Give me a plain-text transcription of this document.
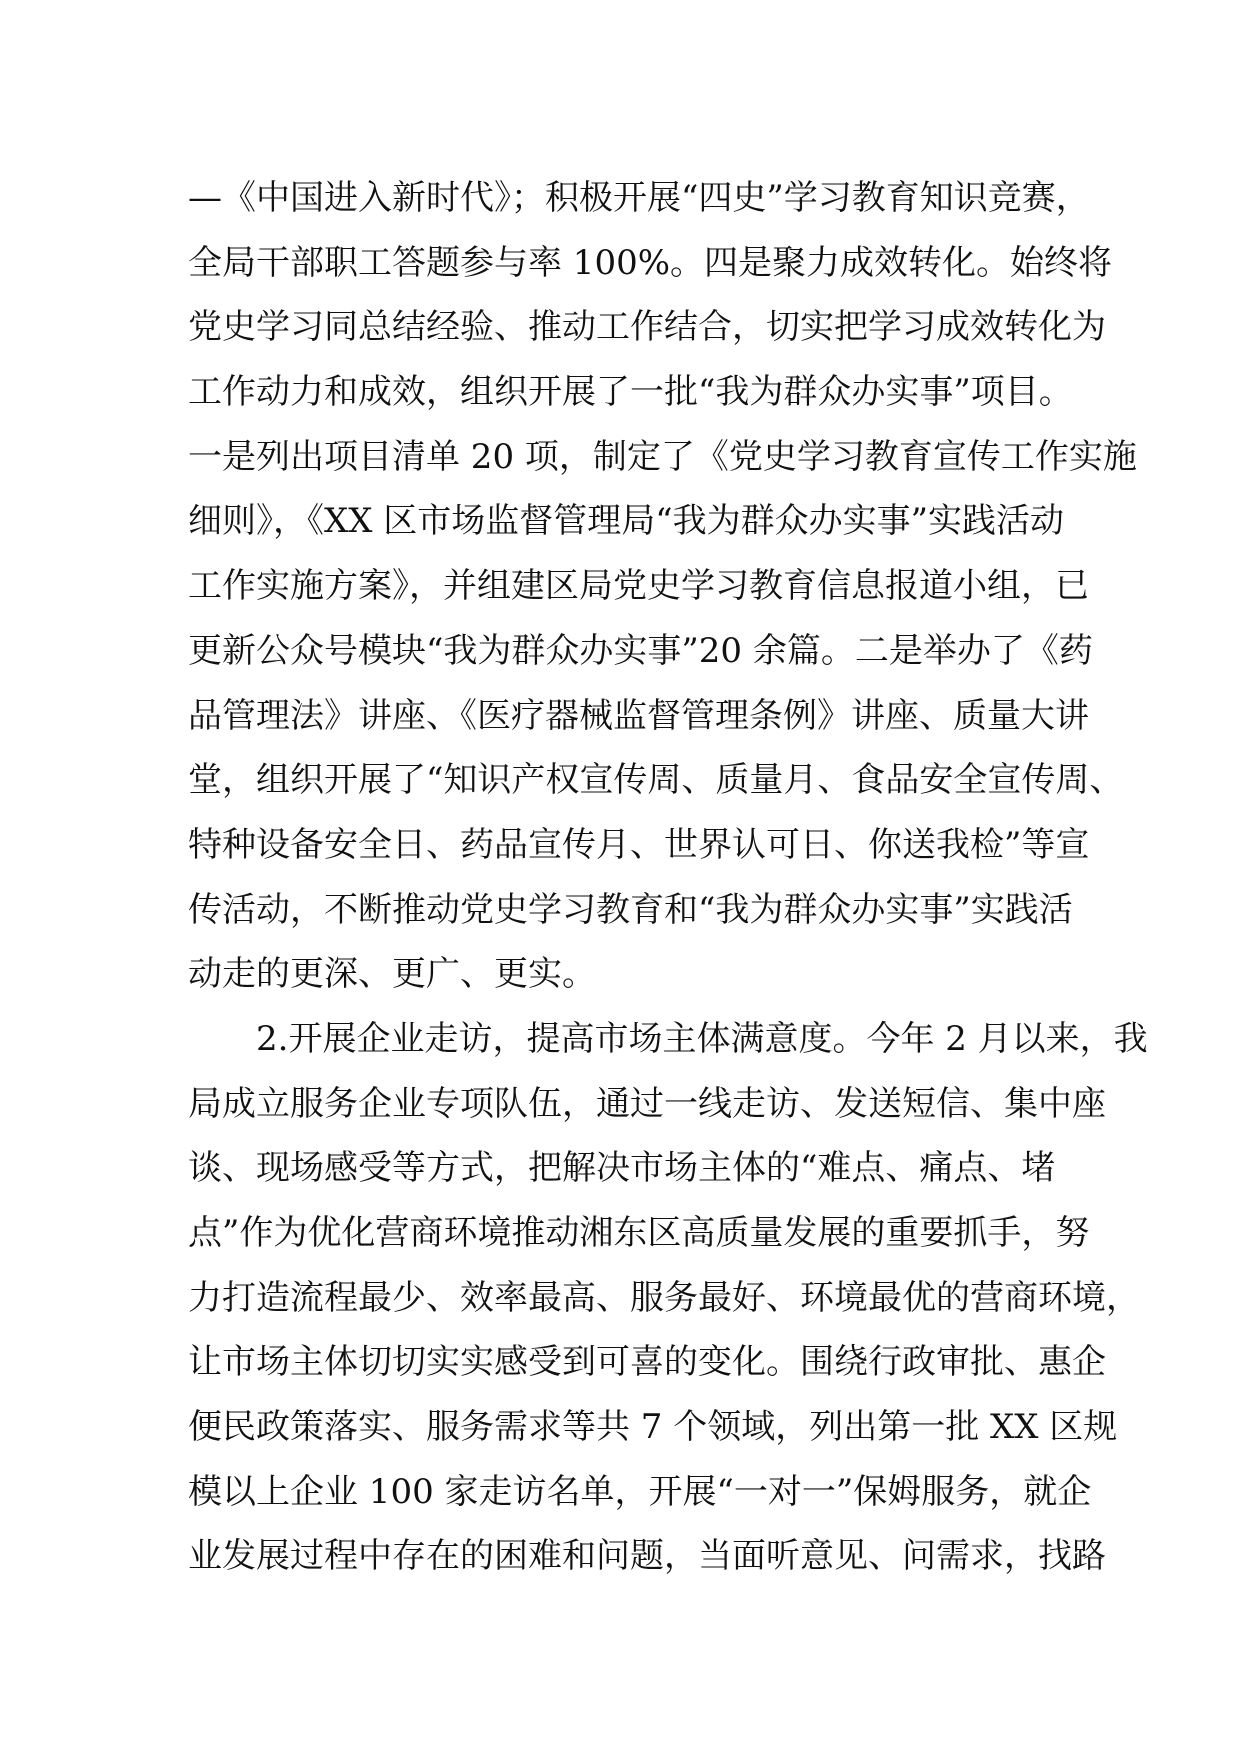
—《中国进入新时代》；积极开展“四史”学习教育知识竞赛，
全局干部职工答题参与率 100%。四是聚力成效转化。始终将
党史学习同总结经验、推动工作结合，切实把学习成效转化为
工作动力和成效，组织开展了一批“我为群众办实事”项目。
一是列出项目清单 20 项，制定了《党史学习教育宣传工作实施
细则》，《XX 区市场监督管理局“我为群众办实事”实践活动
工作实施方案》，并组建区局党史学习教育信息报道小组，已
更新公众号模块“我为群众办实事”20 余篇。二是举办了《药
品管理法》讲座、《医疗器械监督管理条例》讲座、质量大讲
堂，组织开展了“知识产权宣传周、质量月、食品安全宣传周、
特种设备安全日、药品宣传月、世界认可日、你送我检”等宣
传活动，不断推动党史学习教育和“我为群众办实事”实践活
动走的更深、更广、更实。
2.开展企业走访，提高市场主体满意度。今年 2 月以来，我
局成立服务企业专项队伍，通过一线走访、发送短信、集中座
谈、现场感受等方式，把解决市场主体的“难点、痛点、堵
点”作为优化营商环境推动湘东区高质量发展的重要抓手，努
力打造流程最少、效率最高、服务最好、环境最优的营商环境，
让市场主体切切实实感受到可喜的变化。围绕行政审批、惠企
便民政策落实、服务需求等共 7 个领域，列出第一批 XX 区规
模以上企业 100 家走访名单，开展“一对一”保姆服务，就企
业发展过程中存在的困难和问题，当面听意见、问需求，找路
